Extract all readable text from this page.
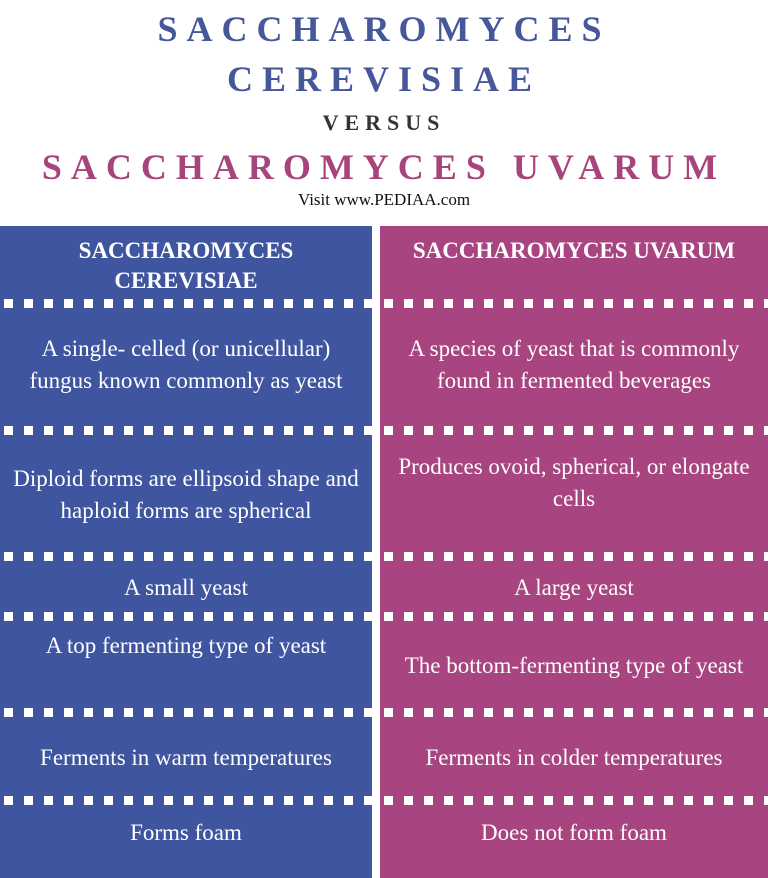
SACCHAROMYCES
CEREVISIAE
VERSUS
SACCHAROMYCES UVARUM
Visit www.PEDIAA.com
SACCHAROMYCES CEREVISIAE
A single- celled (or unicellular) fungus known commonly as yeast
Diploid forms are ellipsoid shape and haploid forms are spherical
A small yeast
A top fermenting type of yeast
Ferments in warm temperatures
Forms foam
SACCHAROMYCES UVARUM
A species of yeast that is commonly found in fermented beverages
Produces ovoid, spherical, or elongate cells
A large yeast
The bottom-fermenting type of yeast
Ferments in colder temperatures
Does not form foam
